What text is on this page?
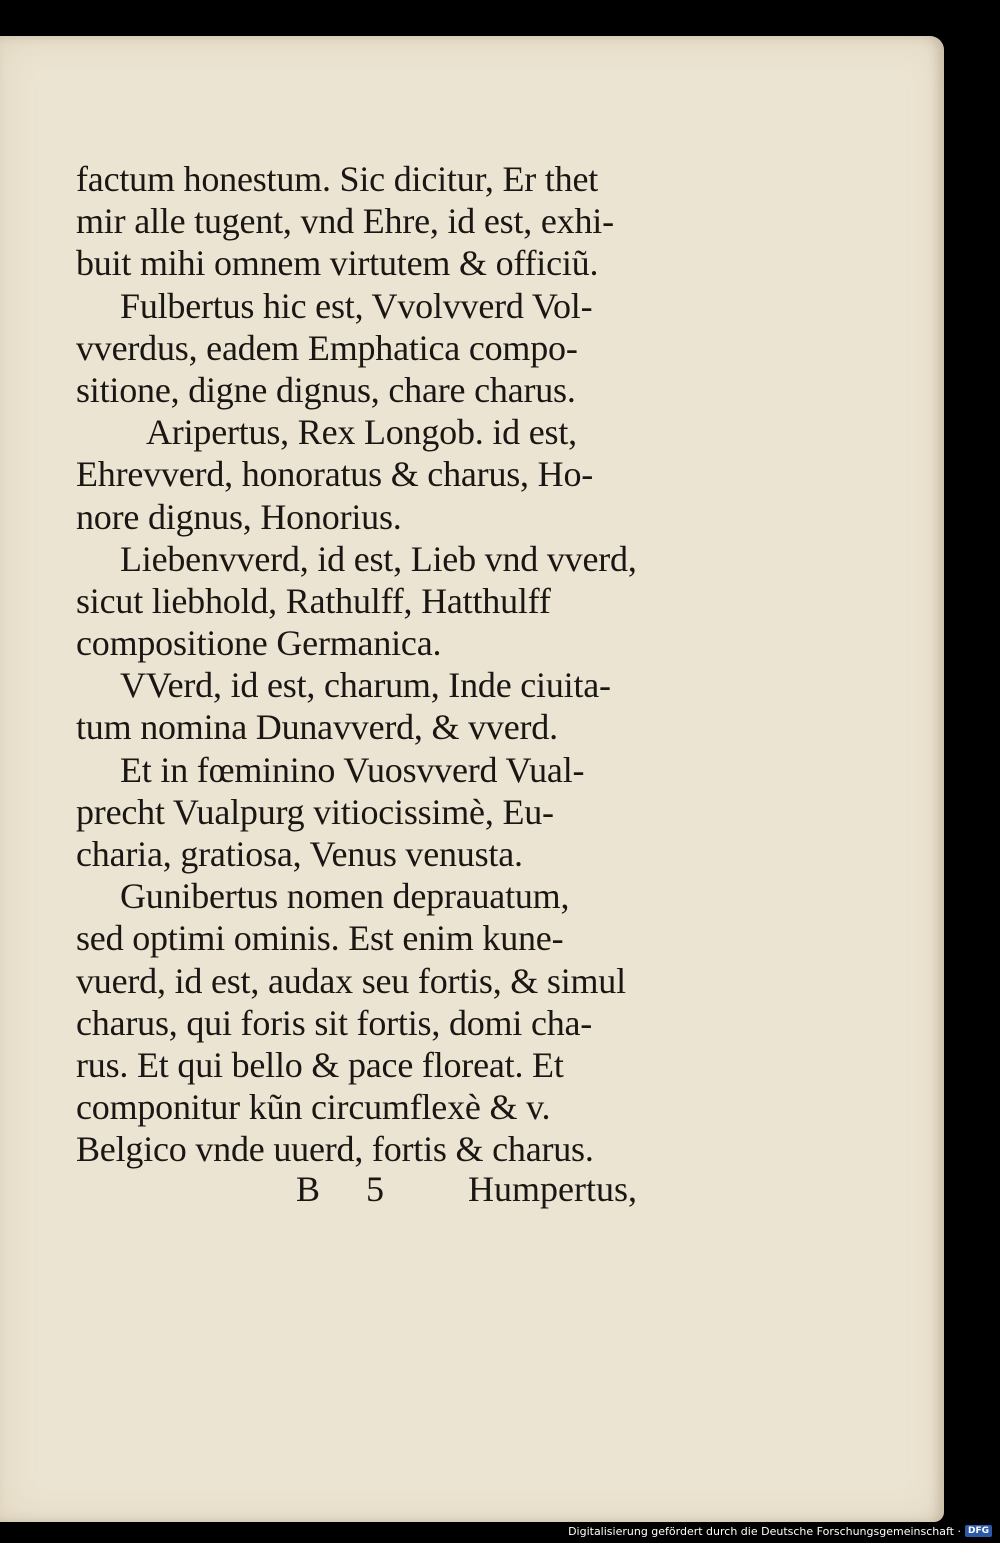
factum honestum. Sic dicitur, Er thet
mir alle tugent, vnd Ehre, id est, exhi-
buit mihi omnem virtutem & officiũ.
Fulbertus hic est, Vvolvverd Vol-
vverdus, eadem Emphatica compo-
sitione, digne dignus, chare charus.
Aripertus, Rex Longob. id est,
Ehrevverd, honoratus & charus, Ho-
nore dignus, Honorius.
Liebenvverd, id est, Lieb vnd vverd,
sicut liebhold, Rathulff, Hatthulff
compositione Germanica.
VVerd, id est, charum, Inde ciuita-
tum nomina Dunavverd, & vverd.
Et in fœminino Vuosvverd Vual-
precht Vualpurg vitiocissimè, Eu-
charia, gratiosa, Venus venusta.
Gunibertus nomen deprauatum,
sed optimi ominis. Est enim kune-
vuerd, id est, audax seu fortis, & simul
charus, qui foris sit fortis, domi cha-
rus. Et qui bello & pace floreat. Et
componitur kũn circumflexè & v.
Belgico vnde uuerd, fortis & charus.
B 5 Humpertus,
Digitalisierung gefördert durch die Deutsche Forschungsgemeinschaft · DFG
